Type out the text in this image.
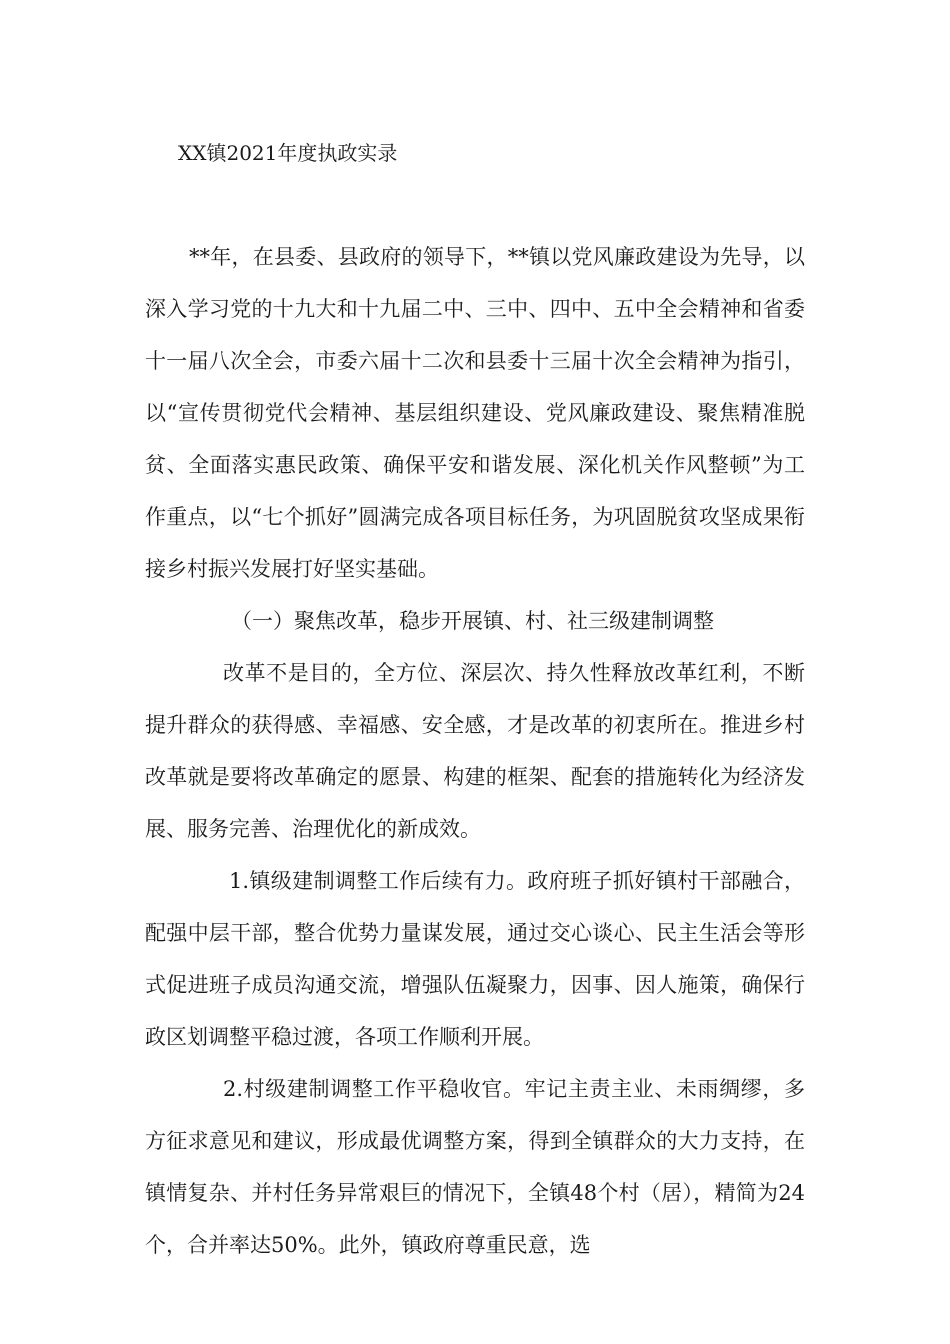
XX镇2021年度执政实录

**年，在县委、县政府的领导下，**镇以党风廉政建设为先导，以深入学习党的十九大和十九届二中、三中、四中、五中全会精神和省委十一届八次全会，市委六届十二次和县委十三届十次全会精神为指引，以“宣传贯彻党代会精神、基层组织建设、党风廉政建设、聚焦精准脱贫、全面落实惠民政策、确保平安和谐发展、深化机关作风整顿”为工作重点，以“七个抓好”圆满完成各项目标任务，为巩固脱贫攻坚成果衔接乡村振兴发展打好坚实基础。

（一）聚焦改革，稳步开展镇、村、社三级建制调整

改革不是目的，全方位、深层次、持久性释放改革红利，不断提升群众的获得感、幸福感、安全感，才是改革的初衷所在。推进乡村改革就是要将改革确定的愿景、构建的框架、配套的措施转化为经济发展、服务完善、治理优化的新成效。

1.镇级建制调整工作后续有力。政府班子抓好镇村干部融合，配强中层干部，整合优势力量谋发展，通过交心谈心、民主生活会等形式促进班子成员沟通交流，增强队伍凝聚力，因事、因人施策，确保行政区划调整平稳过渡，各项工作顺利开展。

2.村级建制调整工作平稳收官。牢记主责主业、未雨绸缪，多方征求意见和建议，形成最优调整方案，得到全镇群众的大力支持，在镇情复杂、并村任务异常艰巨的情况下，全镇48个村（居），精简为24个，合并率达50%。此外，镇政府尊重民意，选
